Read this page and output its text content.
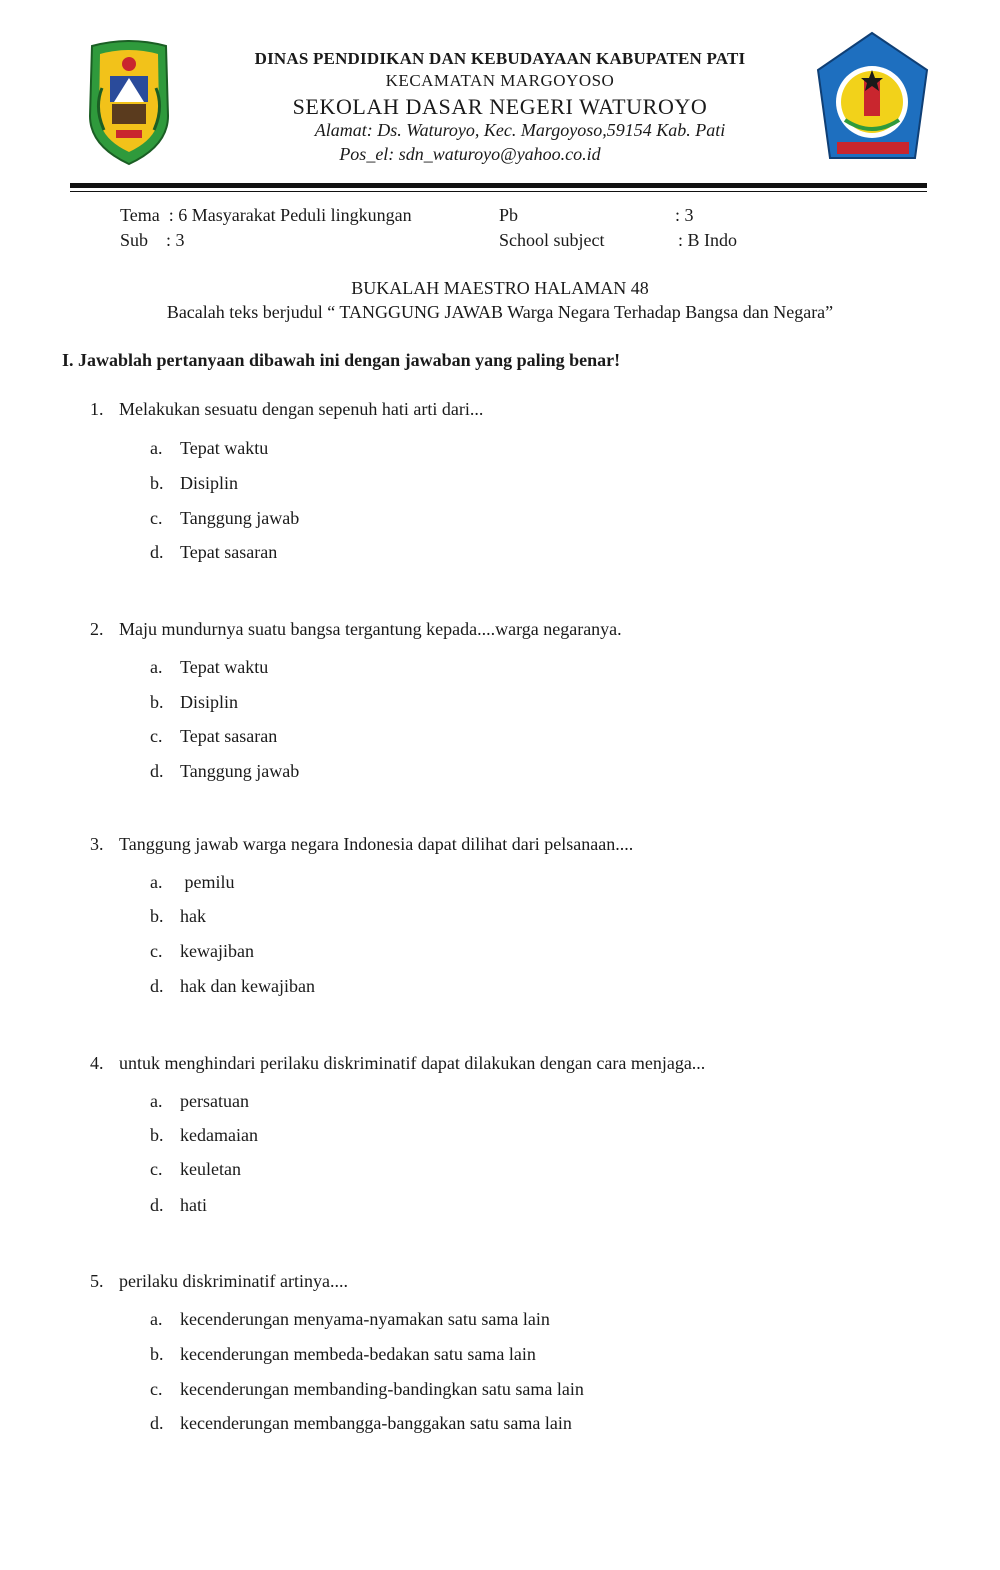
DINAS PENDIDIKAN DAN KEBUDAYAAN KABUPATEN PATI
KECAMATAN MARGOYOSO
SEKOLAH DASAR NEGERI WATUROYO
Alamat: Ds. Waturoyo, Kec. Margoyoso,59154 Kab. Pati
Pos_el: sdn_waturoyo@yahoo.co.id
Tema  : 6 Masyarakat Peduli lingkungan	Pb	: 3
Sub    : 3	School subject	: B Indo
BUKALAH MAESTRO HALAMAN 48
Bacalah teks berjudul “ TANGGUNG JAWAB Warga Negara Terhadap Bangsa dan Negara”
I. Jawablah pertanyaan dibawah ini dengan jawaban yang paling benar!
1. Melakukan sesuatu dengan sepenuh hati arti dari...
a. Tepat waktu
b. Disiplin
c. Tanggung jawab
d. Tepat sasaran
2. Maju mundurnya suatu bangsa tergantung kepada....warga negaranya.
a. Tepat waktu
b. Disiplin
c. Tepat sasaran
d. Tanggung jawab
3. Tanggung jawab warga negara Indonesia dapat dilihat dari pelsanaan....
a. pemilu
b. hak
c. kewajiban
d. hak dan kewajiban
4. untuk menghindari perilaku diskriminatif dapat dilakukan dengan cara menjaga...
a. persatuan
b. kedamaian
c. keuletan
d. hati
5. perilaku diskriminatif artinya....
a. kecenderungan menyama-nyamakan satu sama lain
b. kecenderungan membeda-bedakan satu sama lain
c. kecenderungan membanding-bandingkan satu sama lain
d. kecenderungan membangga-banggakan satu sama lain
